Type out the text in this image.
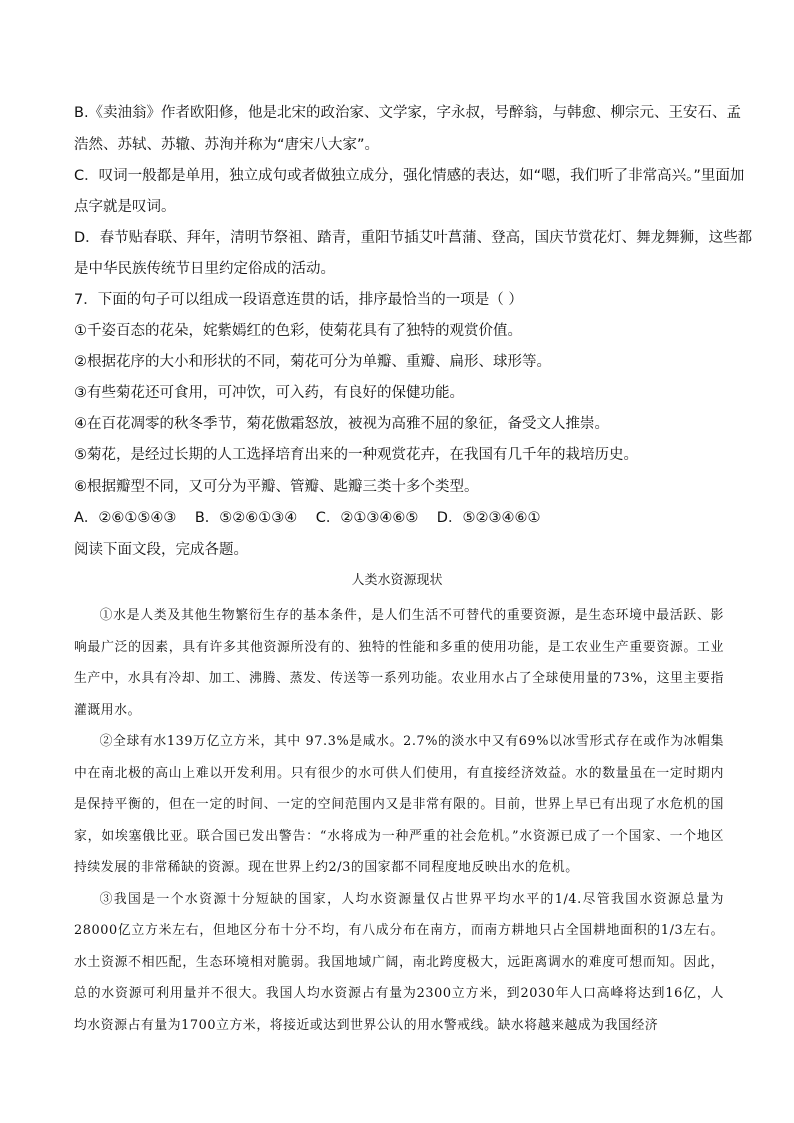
B.《卖油翁》作者欧阳修，他是北宋的政治家、文学家，字永叔，号醉翁，与韩愈、柳宗元、王安石、孟
浩然、苏轼、苏辙、苏洵并称为“唐宋八大家”。
C．叹词一般都是单用，独立成句或者做独立成分，强化情感的表达，如“嗯，我们听了非常高兴。”里面加
点字就是叹词。
D．春节贴春联、拜年，清明节祭祖、踏青，重阳节插艾叶菖蒲、登高，国庆节赏花灯、舞龙舞狮，这些都
是中华民族传统节日里约定俗成的活动。
7．下面的句子可以组成一段语意连贯的话，排序最恰当的一项是（ ）
①千姿百态的花朵，姹紫嫣红的色彩，使菊花具有了独特的观赏价值。
②根据花序的大小和形状的不同，菊花可分为单瓣、重瓣、扁形、球形等。
③有些菊花还可食用，可冲饮，可入药，有良好的保健功能。
④在百花凋零的秋冬季节，菊花傲霜怒放，被视为高雅不屈的象征，备受文人推崇。
⑤菊花，是经过长期的人工选择培育出来的一种观赏花卉，在我国有几千年的栽培历史。
⑥根据瓣型不同，又可分为平瓣、管瓣、匙瓣三类十多个类型。
A．②⑥①⑤④③    B．⑤②⑥①③④    C．②①③④⑥⑤    D．⑤②③④⑥①
阅读下面文段，完成各题。
人类水资源现状

①水是人类及其他生物繁衍生存的基本条件，是人们生活不可替代的重要资源，是生态环境中最活跃、影响最广泛的因素，具有许多其他资源所没有的、独特的性能和多重的使用功能，是工农业生产重要资源。工业生产中，水具有冷却、加工、沸腾、蒸发、传送等一系列功能。农业用水占了全球使用量的73%，这里主要指灌溉用水。

②全球有水139万亿立方米，其中 97.3%是咸水。2.7%的淡水中又有69%以冰雪形式存在或作为冰帽集中在南北极的高山上难以开发利用。只有很少的水可供人们使用，有直接经济效益。水的数量虽在一定时期内是保持平衡的，但在一定的时间、一定的空间范围内又是非常有限的。目前，世界上早已有出现了水危机的国家，如埃塞俄比亚。联合国已发出警告：“水将成为一种严重的社会危机。”水资源已成了一个国家、一个地区持续发展的非常稀缺的资源。现在世界上约2/3的国家都不同程度地反映出水的危机。

③我国是一个水资源十分短缺的国家，人均水资源量仅占世界平均水平的1/4.尽管我国水资源总量为28000亿立方米左右，但地区分布十分不均，有八成分布在南方，而南方耕地只占全国耕地面积的1/3左右。水土资源不相匹配，生态环境相对脆弱。我国地域广阔，南北跨度极大，远距离调水的难度可想而知。因此，总的水资源可利用量并不很大。我国人均水资源占有量为2300立方米，到2030年人口高峰将达到16亿，人均水资源占有量为1700立方米，将接近或达到世界公认的用水警戒线。缺水将越来越成为我国经济
